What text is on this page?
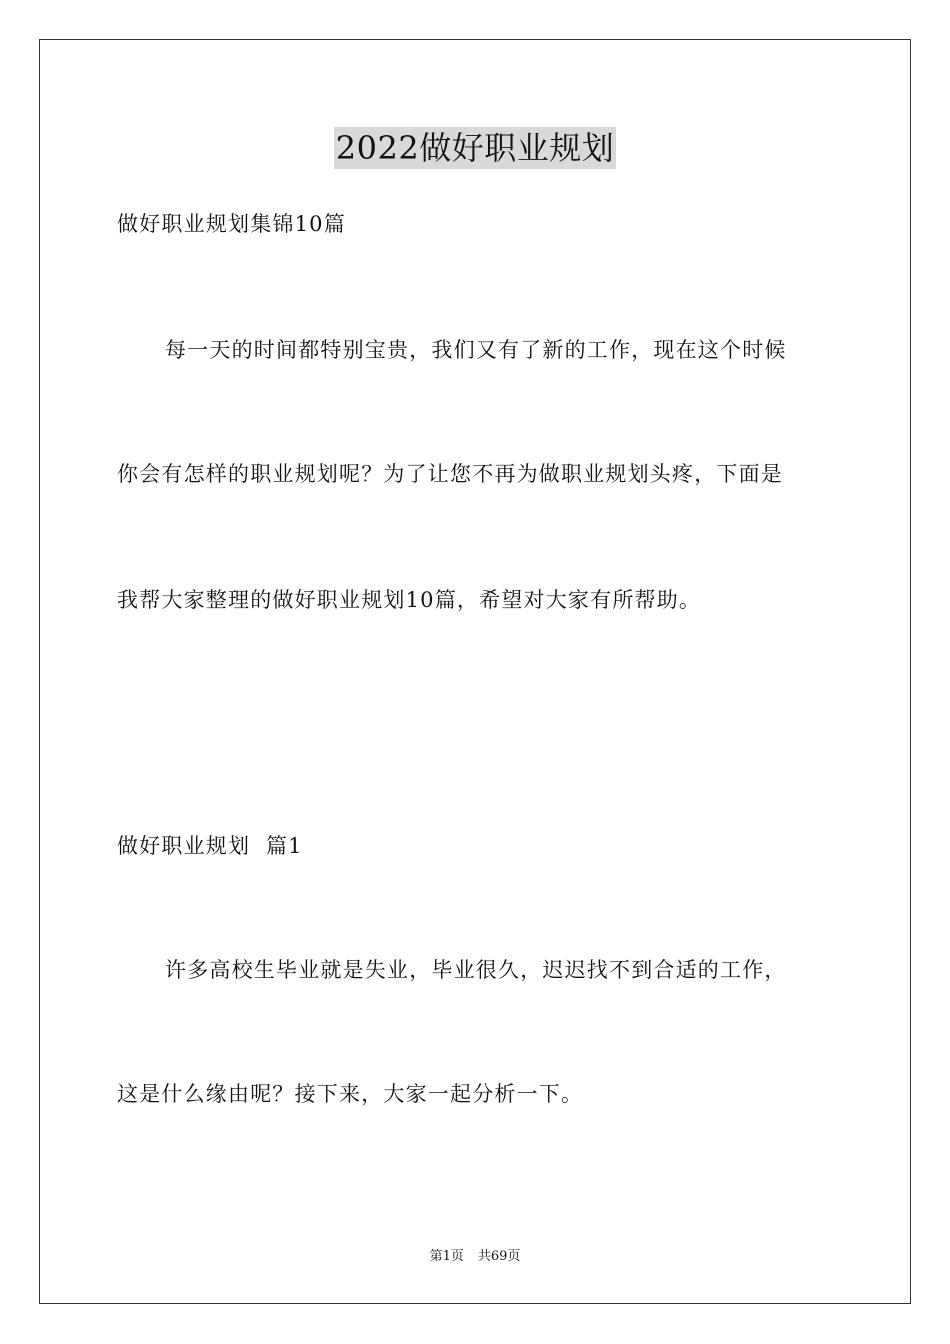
2022做好职业规划
做好职业规划集锦10篇
每一天的时间都特别宝贵，我们又有了新的工作，现在这个时候
你会有怎样的职业规划呢？为了让您不再为做职业规划头疼，下面是
我帮大家整理的做好职业规划10篇，希望对大家有所帮助。
做好职业规划  篇1
许多高校生毕业就是失业，毕业很久，迟迟找不到合适的工作，
这是什么缘由呢？接下来，大家一起分析一下。
第1页 共69页
